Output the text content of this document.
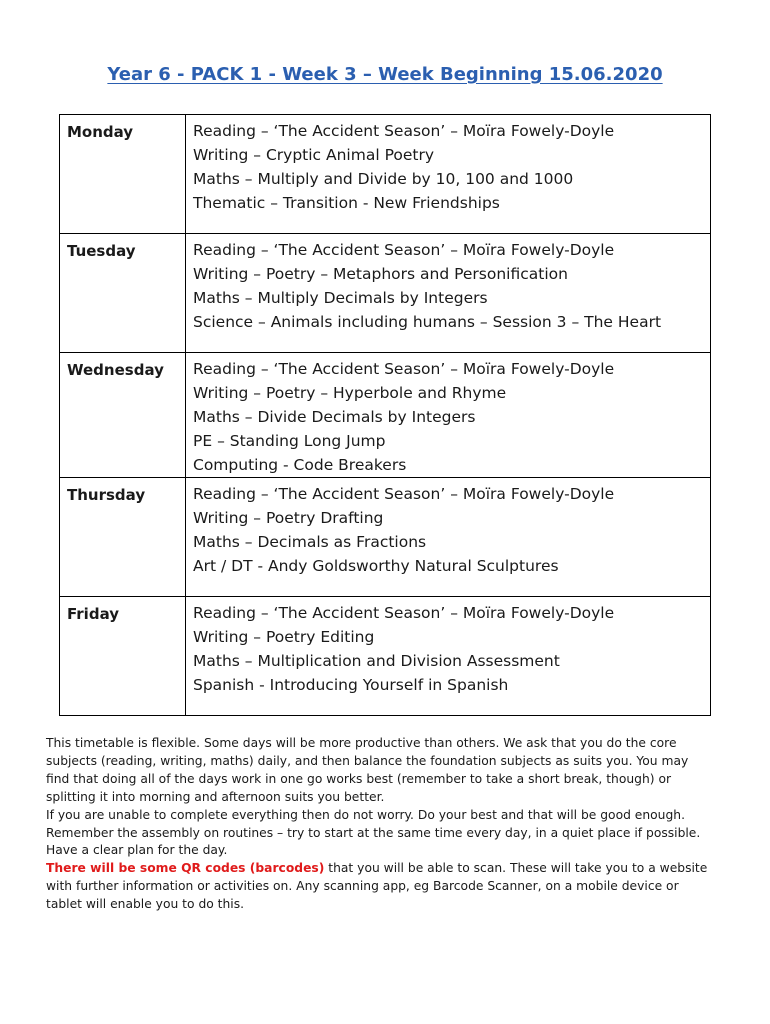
Year 6 - PACK 1 - Week 3 – Week Beginning 15.06.2020
Monday	Reading – ‘The Accident Season’ – Moïra Fowely-Doyle
Writing – Cryptic Animal Poetry
Maths – Multiply and Divide by 10, 100 and 1000
Thematic – Transition - New Friendships

Tuesday	Reading – ‘The Accident Season’ – Moïra Fowely-Doyle
Writing – Poetry – Metaphors and Personification
Maths – Multiply Decimals by Integers
Science – Animals including humans – Session 3 – The Heart

Wednesday	Reading – ‘The Accident Season’ – Moïra Fowely-Doyle
Writing – Poetry – Hyperbole and Rhyme
Maths – Divide Decimals by Integers
PE – Standing Long Jump
Computing - Code Breakers

Thursday	Reading – ‘The Accident Season’ – Moïra Fowely-Doyle
Writing – Poetry Drafting
Maths – Decimals as Fractions
Art / DT - Andy Goldsworthy Natural Sculptures

Friday	Reading – ‘The Accident Season’ – Moïra Fowely-Doyle
Writing – Poetry Editing
Maths – Multiplication and Division Assessment
Spanish - Introducing Yourself in Spanish
This timetable is flexible. Some days will be more productive than others. We ask that you do the core
subjects (reading, writing, maths) daily, and then balance the foundation subjects as suits you. You may
find that doing all of the days work in one go works best (remember to take a short break, though) or
splitting it into morning and afternoon suits you better.
If you are unable to complete everything then do not worry. Do your best and that will be good enough.
Remember the assembly on routines – try to start at the same time every day, in a quiet place if possible.
Have a clear plan for the day.
There will be some QR codes (barcodes) that you will be able to scan. These will take you to a website
with further information or activities on. Any scanning app, eg Barcode Scanner, on a mobile device or
tablet will enable you to do this.
